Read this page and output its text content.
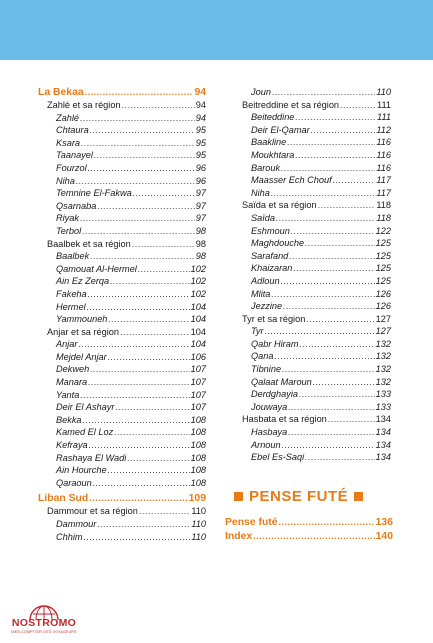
La Bekaa .....	94
Zahlé et sa région .....	94
Zahlé .....	94
Chtaura .....	95
Ksara .....	95
Taanayel .....	95
Fourzol .....	96
Niha .....	96
Temnine El-Fakwa .....	97
Qsarnaba .....	97
Riyak .....	97
Terbol .....	98
Baalbek et sa région .....	98
Baalbek .....	98
Qamouat Al-Hermel .....	102
Ain Ez Zerqa .....	102
Fakeha .....	102
Hermel .....	104
Yammouneh .....	104
Anjar et sa région .....	104
Anjar .....	104
Mejdel Anjar .....	106
Dekweh .....	107
Manara .....	107
Yanta .....	107
Deir El Ashayr .....	107
Bekka .....	108
Kamed El Loz .....	108
Kefraya .....	108
Rashaya El Wadi .....	108
Ain Hourche .....	108
Qaraoun .....	108
Liban Sud .....	109
Dammour et sa région .....	110
Dammour .....	110
Chhim .....	110
Joun .....	110
Beitreddine et sa région .....	111
Beiteddine .....	111
Deir El-Qamar .....	112
Baakline .....	116
Moukhtara .....	116
Barouk .....	116
Maasser Ech Chouf .....	117
Niha .....	117
Saïda et sa région .....	118
Saïda .....	118
Eshmoun .....	122
Maghdouche .....	125
Sarafand .....	125
Khaizaran .....	125
Adloun .....	125
Mlita .....	126
Jezzine .....	126
Tyr et sa région .....	127
Tyr .....	127
Qabr Hiram .....	132
Qana .....	132
Tibnine .....	132
Qalaat Maroun .....	132
Derdghayia .....	133
Jouwaya .....	133
Hasbata et sa région .....	134
Hasbaya .....	134
Arnoun .....	134
Ebel Es-Saqi .....	134
PENSE FUTÉ
Pense futé .....	136
Index .....	140
NOSTROMO
WEB COMPTOIR DES VOYAGEURS
